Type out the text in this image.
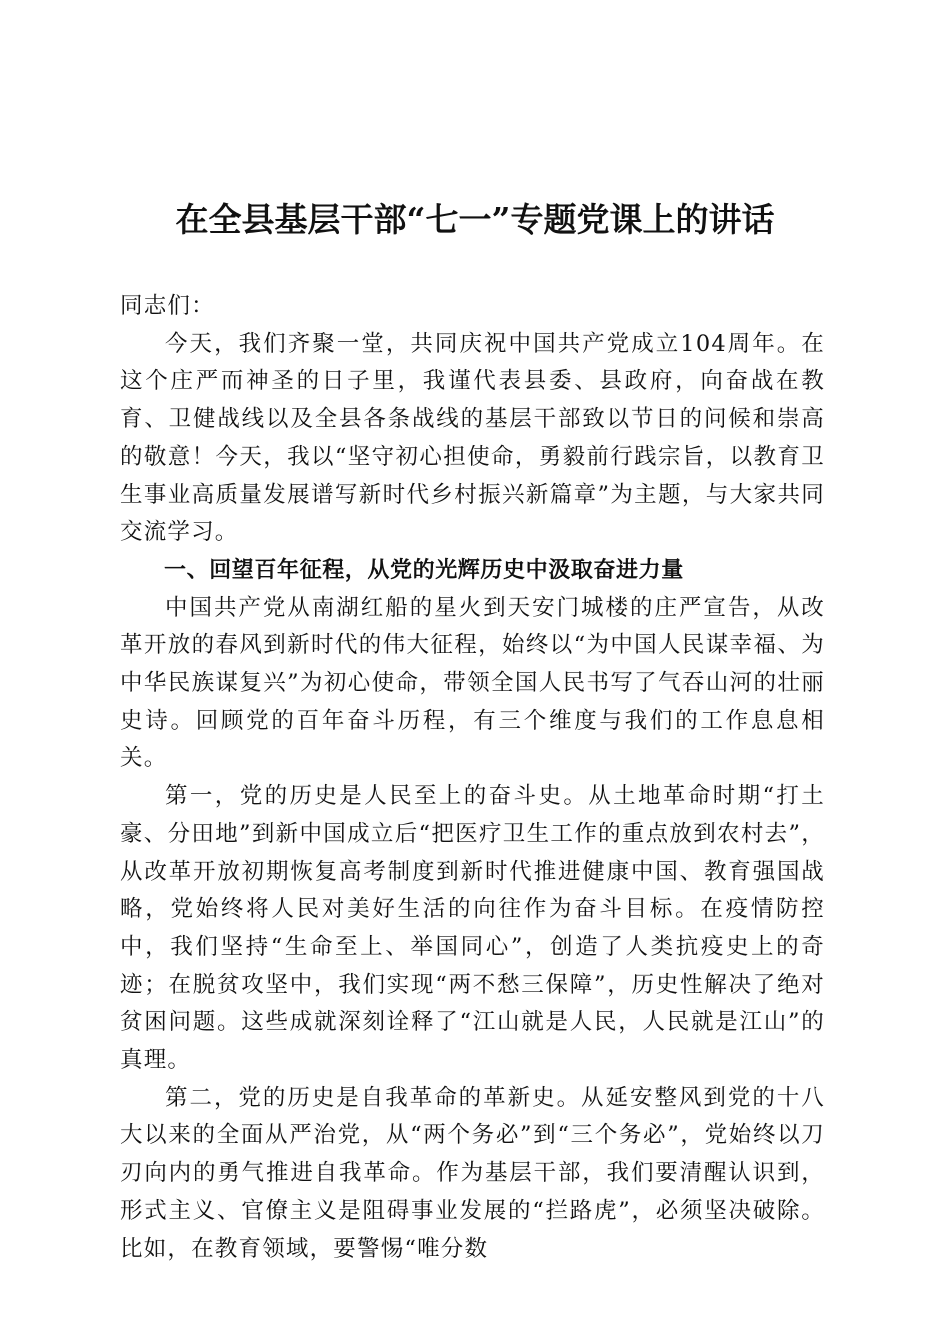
在全县基层干部“七一”专题党课上的讲话

同志们：

今天，我们齐聚一堂，共同庆祝中国共产党成立104周年。在这个庄严而神圣的日子里，我谨代表县委、县政府，向奋战在教育、卫健战线以及全县各条战线的基层干部致以节日的问候和崇高的敬意！今天，我以“坚守初心担使命，勇毅前行践宗旨，以教育卫生事业高质量发展谱写新时代乡村振兴新篇章”为主题，与大家共同交流学习。

一、回望百年征程，从党的光辉历史中汲取奋进力量

中国共产党从南湖红船的星火到天安门城楼的庄严宣告，从改革开放的春风到新时代的伟大征程，始终以“为中国人民谋幸福、为中华民族谋复兴”为初心使命，带领全国人民书写了气吞山河的壮丽史诗。回顾党的百年奋斗历程，有三个维度与我们的工作息息相关。

第一，党的历史是人民至上的奋斗史。从土地革命时期“打土豪、分田地”到新中国成立后“把医疗卫生工作的重点放到农村去”，从改革开放初期恢复高考制度到新时代推进健康中国、教育强国战略，党始终将人民对美好生活的向往作为奋斗目标。在疫情防控中，我们坚持“生命至上、举国同心”，创造了人类抗疫史上的奇迹；在脱贫攻坚中，我们实现“两不愁三保障”，历史性解决了绝对贫困问题。这些成就深刻诠释了“江山就是人民，人民就是江山”的真理。

第二，党的历史是自我革命的革新史。从延安整风到党的十八大以来的全面从严治党，从“两个务必”到“三个务必”，党始终以刀刃向内的勇气推进自我革命。作为基层干部，我们要清醒认识到，形式主义、官僚主义是阻碍事业发展的“拦路虎”，必须坚决破除。比如，在教育领域，要警惕“唯分数
